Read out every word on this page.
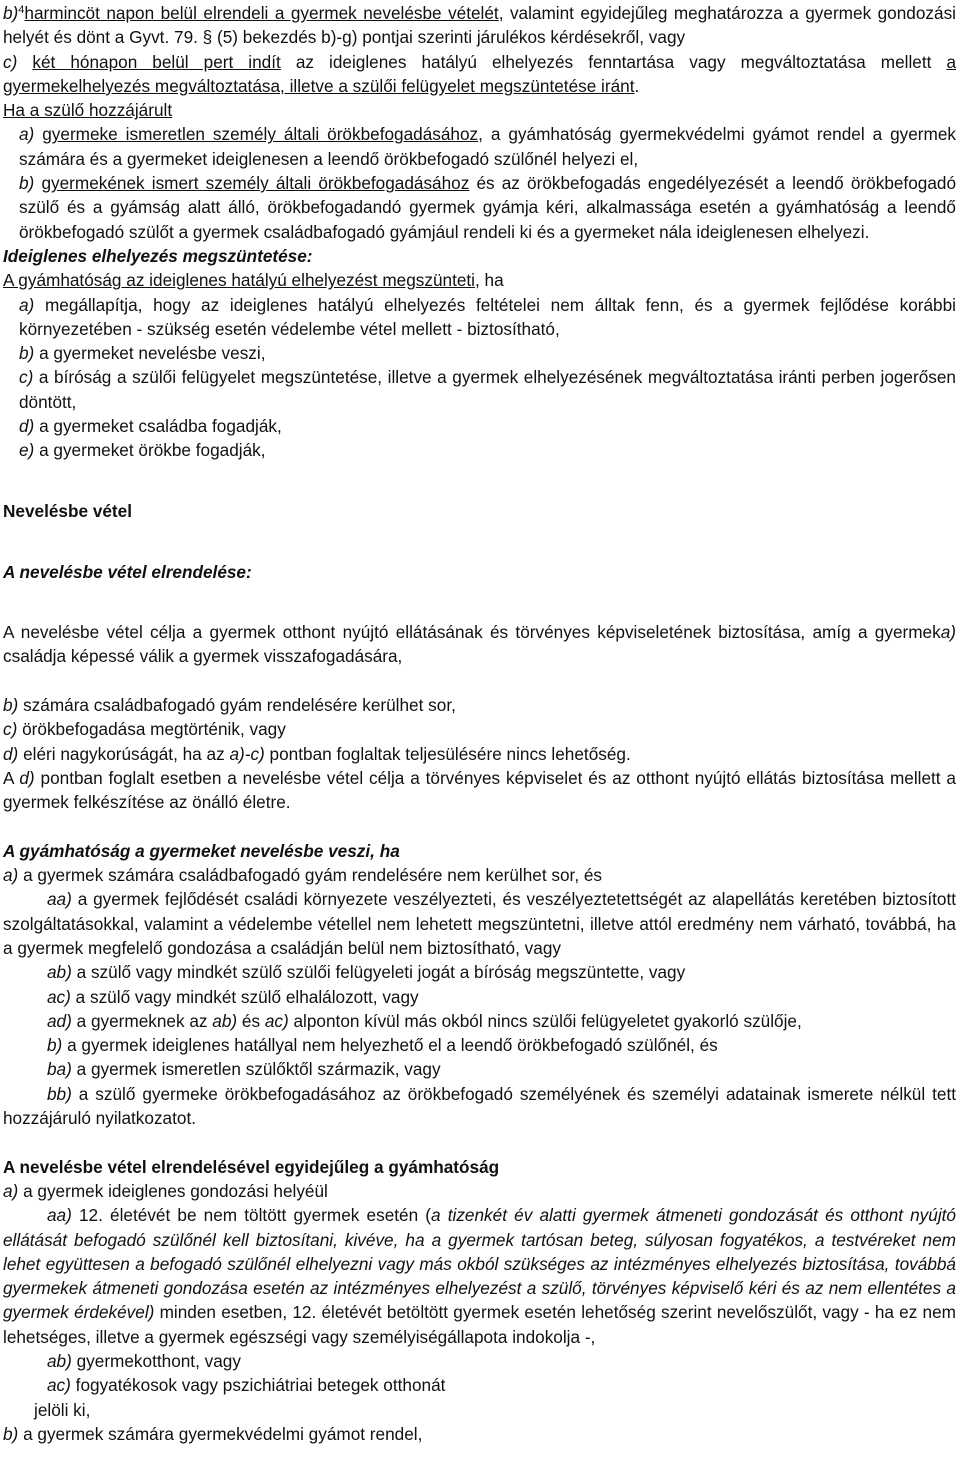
b)$^4$harmincöt napon belül elrendeli a gyermek nevelésbe vételét, valamint egyidejűleg meghatározza a gyermek gondozási helyét és dönt a Gyvt. 79. § (5) bekezdés b)-g) pontjai szerinti járulékos kérdésekről, vagy

c) két hónapon belül pert indít az ideiglenes hatályú elhelyezés fenntartása vagy megváltoztatása mellett a gyermekelhelyezés megváltoztatása, illetve a szülői felügyelet megszüntetése iránt.

Ha a szülő hozzájárult

a) gyermeke ismeretlen személy általi örökbefogadásához, a gyámhatóság gyermekvédelmi gyámot rendel a gyermek számára és a gyermeket ideiglenesen a leendő örökbefogadó szülőnél helyezi el,

b) gyermekének ismert személy általi örökbefogadásához és az örökbefogadás engedélyezését a leendő örökbefogadó szülő és a gyámság alatt álló, örökbefogadandó gyermek gyámja kéri, alkalmassága esetén a gyámhatóság a leendő örökbefogadó szülőt a gyermek családbafogadó gyámjául rendeli ki és a gyermeket nála ideiglenesen elhelyezi.

Ideiglenes elhelyezés megszüntetése:

A gyámhatóság az ideiglenes hatályú elhelyezést megszünteti, ha

a) megállapítja, hogy az ideiglenes hatályú elhelyezés feltételei nem álltak fenn, és a gyermek fejlődése korábbi környezetében - szükség esetén védelembe vétel mellett - biztosítható,

b) a gyermeket nevelésbe veszi,

c) a bíróság a szülői felügyelet megszüntetése, illetve a gyermek elhelyezésének megváltoztatása iránti perben jogerősen döntött,

d) a gyermeket családba fogadják,

e) a gyermeket örökbe fogadják,

Nevelésbe vétel

A nevelésbe vétel elrendelése:

A nevelésbe vétel célja a gyermek otthont nyújtó ellátásának és törvényes képviseletének biztosítása, amíg a gyermeka) családja képessé válik a gyermek visszafogadására,

b) számára családbafogadó gyám rendelésére kerülhet sor,

c) örökbefogadása megtörténik, vagy

d) eléri nagykorúságát, ha az a)-c) pontban foglaltak teljesülésére nincs lehetőség.

A d) pontban foglalt esetben a nevelésbe vétel célja a törvényes képviselet és az otthont nyújtó ellátás biztosítása mellett a gyermek felkészítése az önálló életre.

A gyámhatóság a gyermeket nevelésbe veszi, ha

a) a gyermek számára családbafogadó gyám rendelésére nem kerülhet sor, és

aa) a gyermek fejlődését családi környezete veszélyezteti, és veszélyeztetettségét az alapellátás keretében biztosított szolgáltatásokkal, valamint a védelembe vétellel nem lehetett megszüntetni, illetve attól eredmény nem várható, továbbá, ha a gyermek megfelelő gondozása a családján belül nem biztosítható, vagy

ab) a szülő vagy mindkét szülő szülői felügyeleti jogát a bíróság megszüntette, vagy

ac) a szülő vagy mindkét szülő elhalálozott, vagy

ad) a gyermeknek az ab) és ac) alponton kívül más okból nincs szülői felügyeletet gyakorló szülője,

b) a gyermek ideiglenes hatállyal nem helyezhető el a leendő örökbefogadó szülőnél, és

ba) a gyermek ismeretlen szülőktől származik, vagy

bb) a szülő gyermeke örökbefogadásához az örökbefogadó személyének és személyi adatainak ismerete nélkül tett hozzájáruló nyilatkozatot.

A nevelésbe vétel elrendelésével egyidejűleg a gyámhatóság

a) a gyermek ideiglenes gondozási helyéül

aa) 12. életévét be nem töltött gyermek esetén (a tizenkét év alatti gyermek átmeneti gondozását és otthont nyújtó ellátását befogadó szülőnél kell biztosítani, kivéve, ha a gyermek tartósan beteg, súlyosan fogyatékos, a testvéreket nem lehet együttesen a befogadó szülőnél elhelyezni vagy más okból szükséges az intézményes elhelyezés biztosítása, továbbá gyermekek átmeneti gondozása esetén az intézményes elhelyezést a szülő, törvényes képviselő kéri és az nem ellentétes a gyermek érdekével) minden esetben, 12. életévét betöltött gyermek esetén lehetőség szerint nevelőszülőt, vagy - ha ez nem lehetséges, illetve a gyermek egészségi vagy személyiségállapota indokolja -,

ab) gyermekotthont, vagy

ac) fogyatékosok vagy pszichiátriai betegek otthonát

jelöli ki,

b) a gyermek számára gyermekvédelmi gyámot rendel,
